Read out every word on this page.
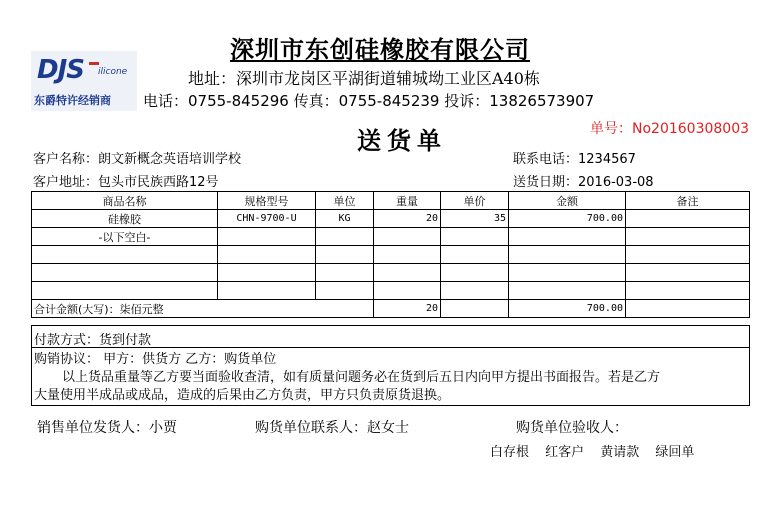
深圳市东创硅橡胶有限公司
DJS ilicone
东爵特许经销商
地址：深圳市龙岗区平湖街道辅城坳工业区A40栋
电话：0755-845296 传真：0755-845239 投诉：13826573907
送货单	单号：No20160308003
客户名称：朗文新概念英语培训学校
客户地址：包头市民族西路12号
联系电话：1234567
送货日期：2016-03-08
商品名称	规格型号	单位	重量	单价	金额	备注
硅橡胶	CHN-9700-U	KG	20	35	700.00	
-以下空白-						

合计金额(大写)：柒佰元整			20		700.00	
付款方式：货到付款
购销协议： 甲方：供货方 乙方：购货单位
以上货品重量等乙方要当面验收查清，如有质量问题务必在货到后五日内向甲方提出书面报告。若是乙方
大量使用半成品或成品，造成的后果由乙方负责，甲方只负责原货退换。
销售单位发货人：小贾	购货单位联系人：赵女士	购货单位验收人：
白存根 红客户 黄请款 绿回单
